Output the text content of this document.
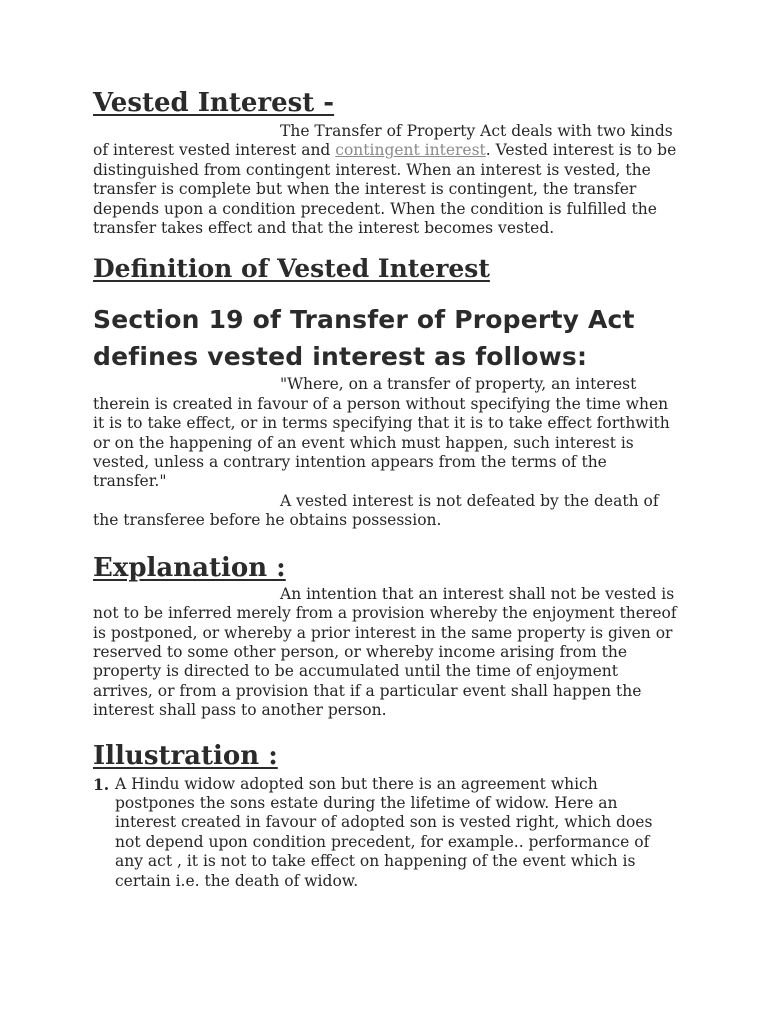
Vested Interest -

The Transfer of Property Act deals with two kinds of interest vested interest and contingent interest. Vested interest is to be distinguished from contingent interest. When an interest is vested, the transfer is complete but when the interest is contingent, the transfer depends upon a condition precedent. When the condition is fulfilled the transfer takes effect and that the interest becomes vested.

Definition of Vested Interest
Section 19 of Transfer of Property Act defines vested interest as follows:

"Where, on a transfer of property, an interest therein is created in favour of a person without specifying the time when it is to take effect, or in terms specifying that it is to take effect forthwith or on the happening of an event which must happen, such interest is vested, unless a contrary intention appears from the terms of the transfer."

A vested interest is not defeated by the death of the transferee before he obtains possession.

Explanation :

An intention that an interest shall not be vested is not to be inferred merely from a provision whereby the enjoyment thereof is postponed, or whereby a prior interest in the same property is given or reserved to some other person, or whereby income arising from the property is directed to be accumulated until the time of enjoyment arrives, or from a provision that if a particular event shall happen the interest shall pass to another person.

Illustration :
1. A Hindu widow adopted son but there is an agreement which postpones the sons estate during the lifetime of widow. Here an interest created in favour of adopted son is vested right, which does not depend upon condition precedent, for example.. performance of any act , it is not to take effect on happening of the event which is certain i.e. the death of widow.
